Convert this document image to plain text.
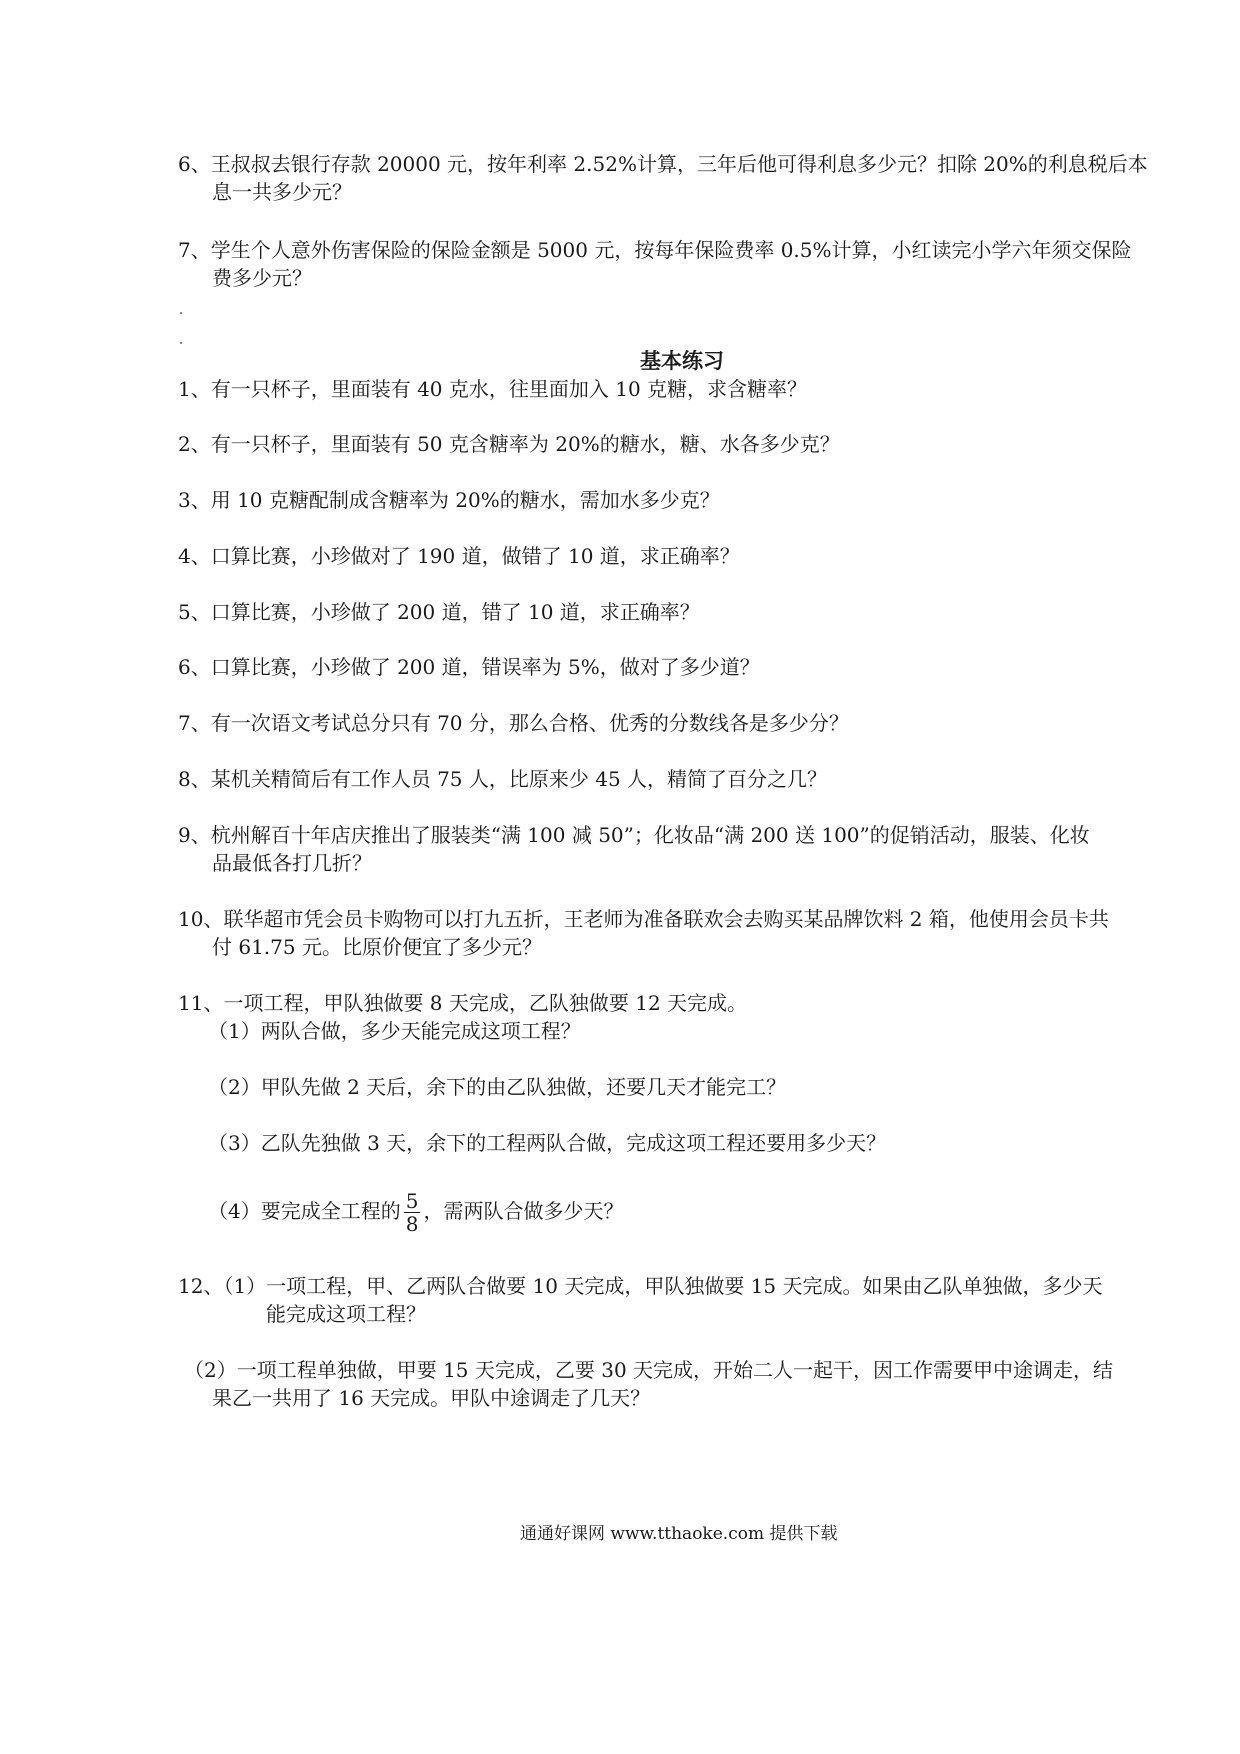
6、王叔叔去银行存款 20000 元，按年利率 2.52%计算，三年后他可得利息多少元？扣除 20%的利息税后本
息一共多少元？
7、学生个人意外伤害保险的保险金额是 5000 元，按每年保险费率 0.5%计算，小红读完小学六年须交保险
费多少元？
基本练习
1、有一只杯子，里面装有 40 克水，往里面加入 10 克糖，求含糖率？
2、有一只杯子，里面装有 50 克含糖率为 20%的糖水，糖、水各多少克？
3、用 10 克糖配制成含糖率为 20%的糖水，需加水多少克？
4、口算比赛，小珍做对了 190 道，做错了 10 道，求正确率？
5、口算比赛，小珍做了 200 道，错了 10 道，求正确率？
6、口算比赛，小珍做了 200 道，错误率为 5%，做对了多少道？
7、有一次语文考试总分只有 70 分，那么合格、优秀的分数线各是多少分？
8、某机关精简后有工作人员 75 人，比原来少 45 人，精简了百分之几？
9、杭州解百十年店庆推出了服装类“满 100 减 50”；化妆品“满 200 送 100”的促销活动，服装、化妆
品最低各打几折？
10、联华超市凭会员卡购物可以打九五折，王老师为准备联欢会去购买某品牌饮料 2 箱，他使用会员卡共
付 61.75 元。比原价便宜了多少元？
11、一项工程，甲队独做要 8 天完成，乙队独做要 12 天完成。
（1）两队合做，多少天能完成这项工程？
（2）甲队先做 2 天后，余下的由乙队独做，还要几天才能完工？
（3）乙队先独做 3 天，余下的工程两队合做，完成这项工程还要用多少天？
（4）要完成全工程的 $\frac{5}{8}$ ，需两队合做多少天？
12、（1）一项工程，甲、乙两队合做要 10 天完成，甲队独做要 15 天完成。如果由乙队单独做，多少天
能完成这项工程？
（2）一项工程单独做，甲要 15 天完成，乙要 30 天完成，开始二人一起干，因工作需要甲中途调走，结
果乙一共用了 16 天完成。甲队中途调走了几天？
通通好课网 www.tthaoke.com 提供下载
